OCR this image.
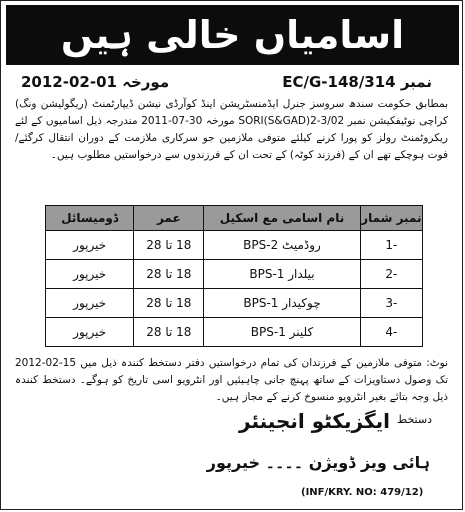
اسامیاں خالی ہیں
نمبر EC/G-148/314
مورخہ 01-02-2012
بمطابق حکومت سندھ سروسز جنرل ایڈمنسٹریشن اینڈ کوآرڈی نیشن ڈیپارٹمنٹ (ریگولیشن ونگ) کراچی نوٹیفکیشن نمبر SORI(S&GAD)2-3/02 مورخہ 30-07-2011 مندرجہ ذیل اسامیوں کے لئے ریکروٹمنٹ رولز کو پورا کرنے کیلئے متوفی ملازمین جو سرکاری ملازمت کے دوران انتقال کرگئے/فوت ہوچکے تھے ان کے (فرزند کوٹہ) کے تحت ان کے فرزندوں سے درخواستیں مطلوب ہیں۔
نمبر شمار	نام اسامی مع اسکیل	عمر	ڈومیسائل
-1	روڈمیٹ BPS-2	18 تا 28	خیرپور
-2	بیلدار BPS-1	18 تا 28	خیرپور
-3	چوکیدار BPS-1	18 تا 28	خیرپور
-4	کلینر BPS-1	18 تا 28	خیرپور
نوٹ: متوفی ملازمین کے فرزندان کی تمام درخواستیں دفتر دستخط کنندہ ذیل میں 15-02-2012 تک وصول دستاویزات کے ساتھ پہنچ جانی چاہیئیں اور انٹرویو اسی تاریخ کو ہوگے۔ دستخط کنندہ ذیل وجہ بتائے بغیر انٹرویو منسوخ کرنے کے مجاز ہیں۔
دستخط
ایگزیکٹو انجینئر
ہائی ویز ڈویژن ۔۔۔۔ خیرپور
(INF/KRY. NO: 479/12)
